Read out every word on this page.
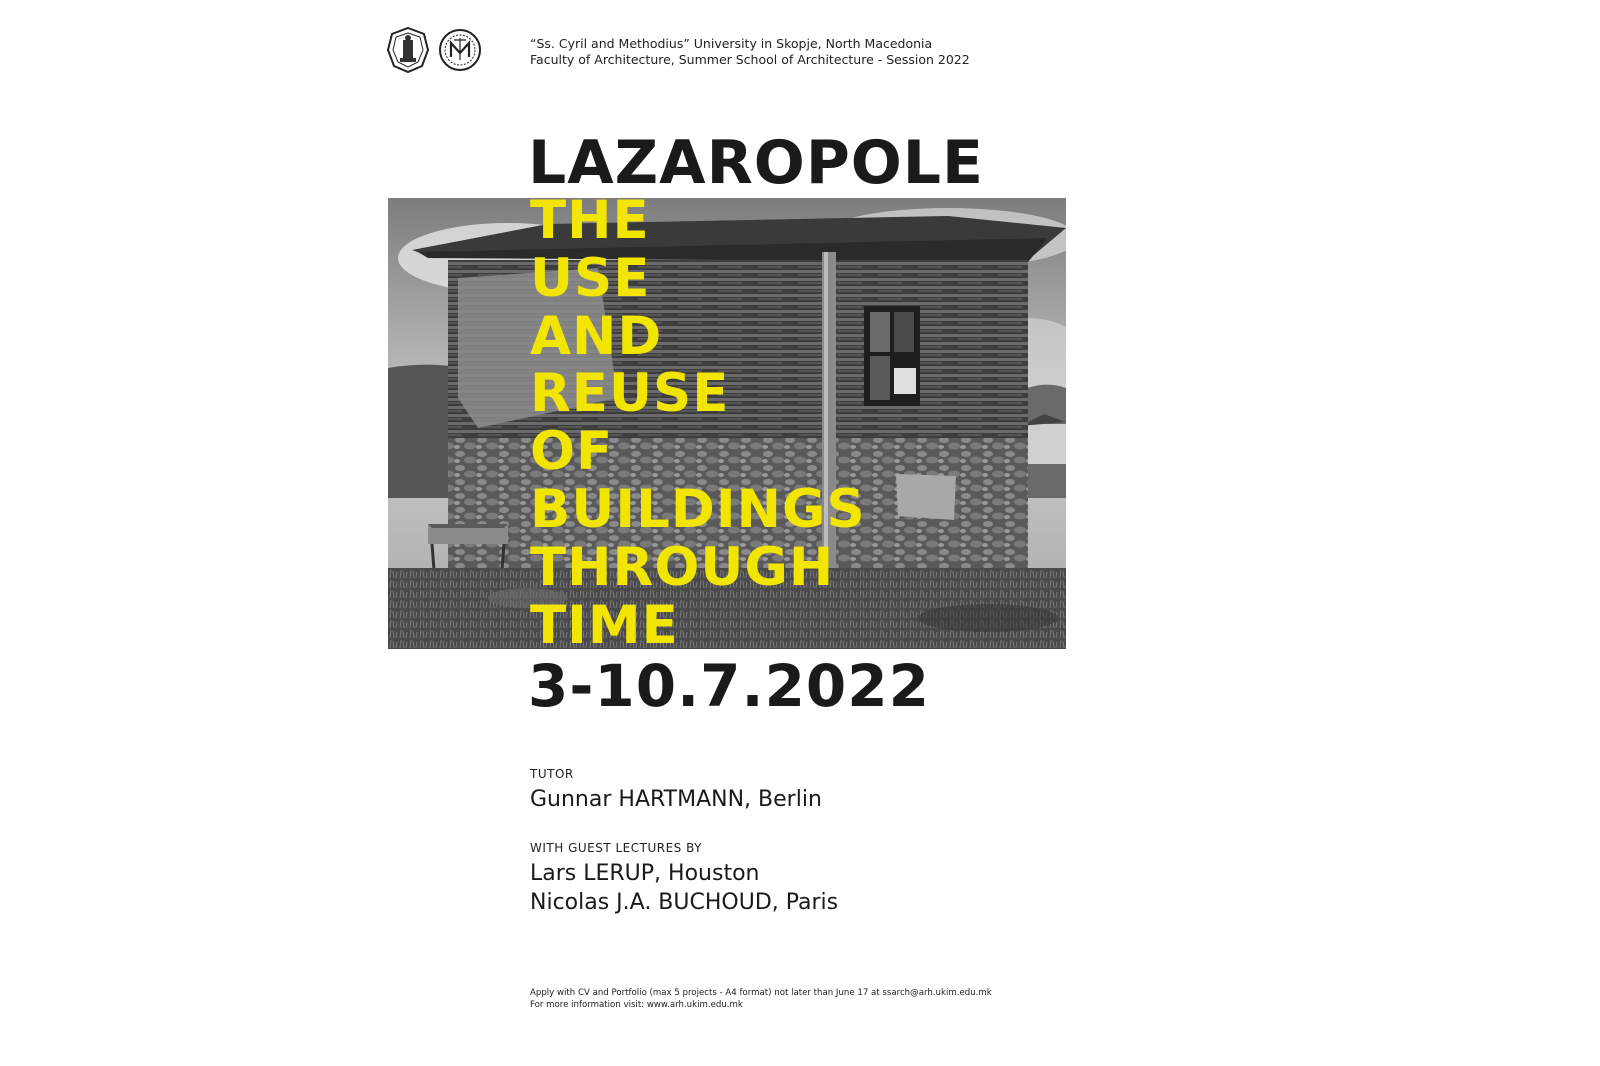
“Ss. Cyril and Methodius” University in Skopje, North Macedonia
Faculty of Architecture, Summer School of Architecture - Session 2022
LAZAROPOLE
THE
USE
AND
REUSE
OF
BUILDINGS
THROUGH
TIME
3-10.7.2022
TUTOR
Gunnar HARTMANN, Berlin
WITH GUEST LECTURES BY
Lars LERUP, Houston
Nicolas J.A. BUCHOUD, Paris
Apply with CV and Portfolio (max 5 projects - A4 format) not later than June 17 at ssarch@arh.ukim.edu.mk
For more information visit: www.arh.ukim.edu.mk
